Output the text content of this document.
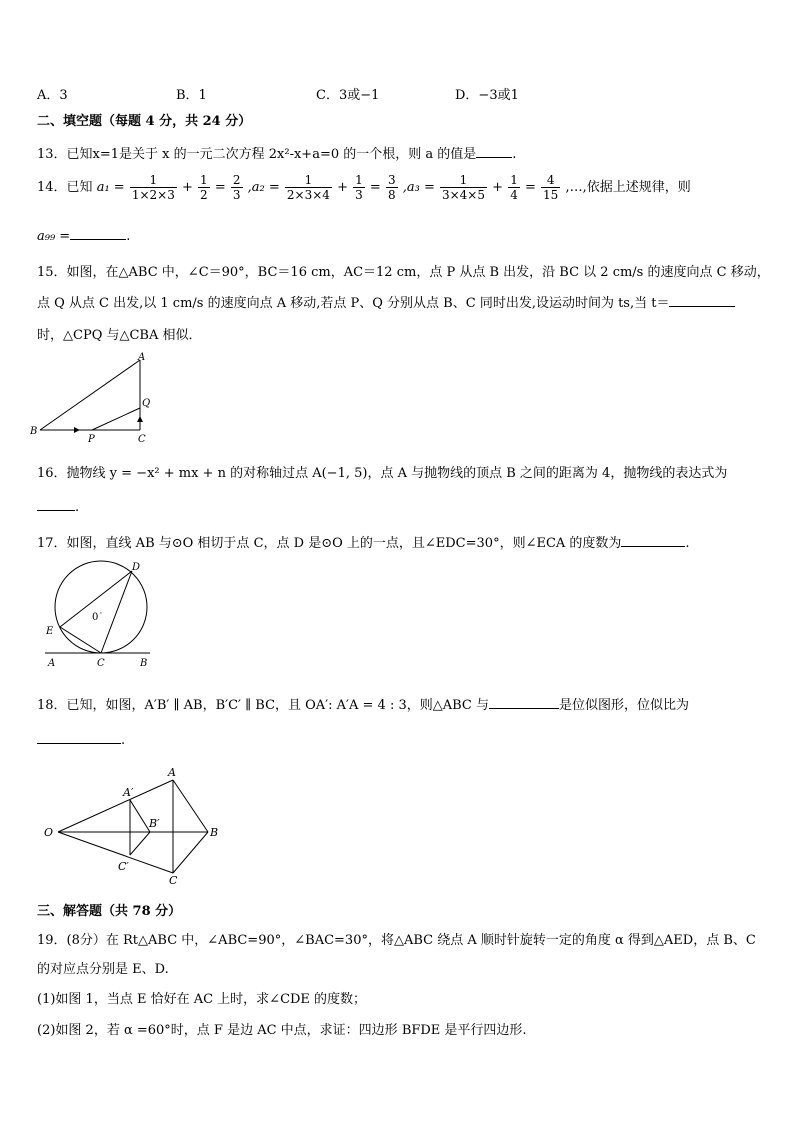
A．3	B．1	C．3或−1	D．−3或1
二、填空题（每题 4 分，共 24 分）
13．已知x=1是关于 x 的一元二次方程 2x²-x+a=0 的一个根，则 a 的值是	.
14．已知 $a_1 = \frac{1}{1\times 2\times 3} + \frac{1}{2} = \frac{2}{3} ,a_2 = \frac{1}{2\times 3\times 4} + \frac{1}{3} = \frac{3}{8} ,a_3 = \frac{1}{3\times 4\times 5} + \frac{1}{4} = \frac{4}{15}$ ,…,依据上述规律，则
a₉₉ =	.
15．如图，在△ABC 中，∠C＝90°，BC＝16 cm，AC＝12 cm，点 P 从点 B 出发，沿 BC 以 2 cm/s 的速度向点 C 移动，
点 Q 从点 C 出发,以 1 cm/s 的速度向点 A 移动,若点 P、Q 分别从点 B、C 同时出发,设运动时间为 ts,当 t＝
时，△CPQ 与△CBA 相似．
A
Q
B
P	C
16．抛物线 y = −x² + mx + n 的对称轴过点 A(−1, 5)，点 A 与抛物线的顶点 B 之间的距离为 4，抛物线的表达式为
.
17．如图，直线 AB 与⊙O 相切于点 C，点 D 是⊙O 上的一点，且∠EDC=30°，则∠ECA 的度数为	.
D
0˙
E
A	C	B
18．已知，如图，A′B′ ∥ AB，B′C′ ∥ BC，且 OA′: A′A = 4 : 3，则△ABC 与	是位似图形，位似比为
.
A
A′
O
B′
B
C′
C
三、解答题（共 78 分）
19．(8分）在 Rt△ABC 中，∠ABC=90°，∠BAC=30°，将△ABC 绕点 A 顺时针旋转一定的角度 α 得到△AED，点 B、C
的对应点分别是 E、D.
(1)如图 1，当点 E 恰好在 AC 上时，求∠CDE 的度数；
(2)如图 2，若 α =60°时，点 F 是边 AC 中点，求证：四边形 BFDE 是平行四边形.
